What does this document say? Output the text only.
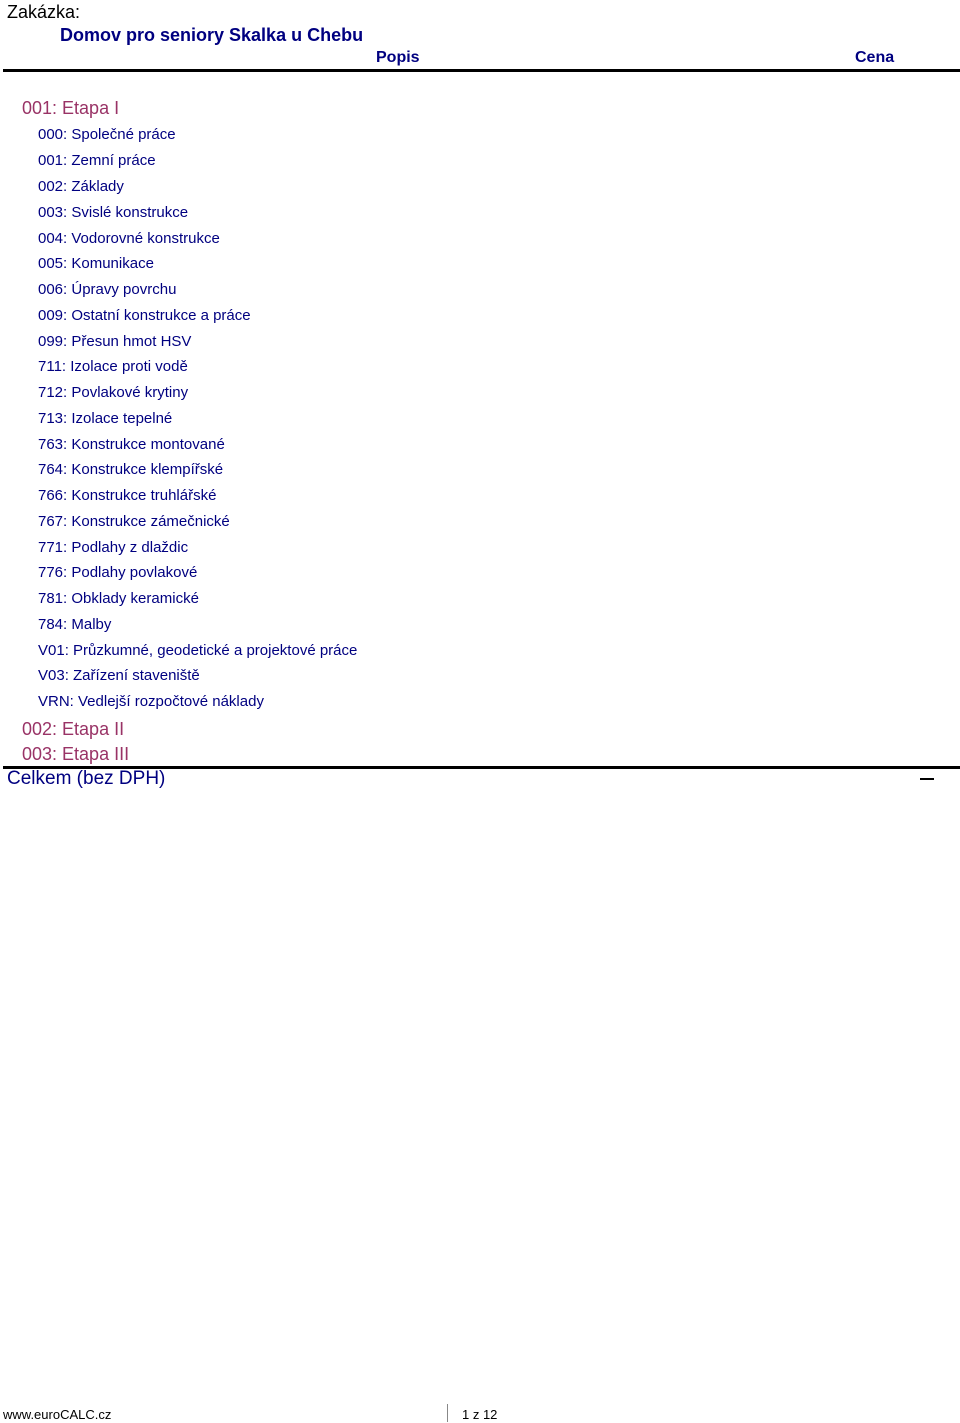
Zakázka:
Domov pro seniory Skalka u Chebu
Popis	Cena
001: Etapa I
000: Společné práce
001: Zemní práce
002: Základy
003: Svislé konstrukce
004: Vodorovné konstrukce
005: Komunikace
006: Úpravy povrchu
009: Ostatní konstrukce a práce
099: Přesun hmot HSV
711: Izolace proti vodě
712: Povlakové krytiny
713: Izolace tepelné
763: Konstrukce montované
764: Konstrukce klempířské
766: Konstrukce truhlářské
767: Konstrukce zámečnické
771: Podlahy z dlaždic
776: Podlahy povlakové
781: Obklady keramické
784: Malby
V01: Průzkumné, geodetické a projektové práce
V03: Zařízení staveniště
VRN: Vedlejší rozpočtové náklady
002: Etapa II
003: Etapa III
Celkem (bez DPH)
www.euroCALC.cz	1 z 12
